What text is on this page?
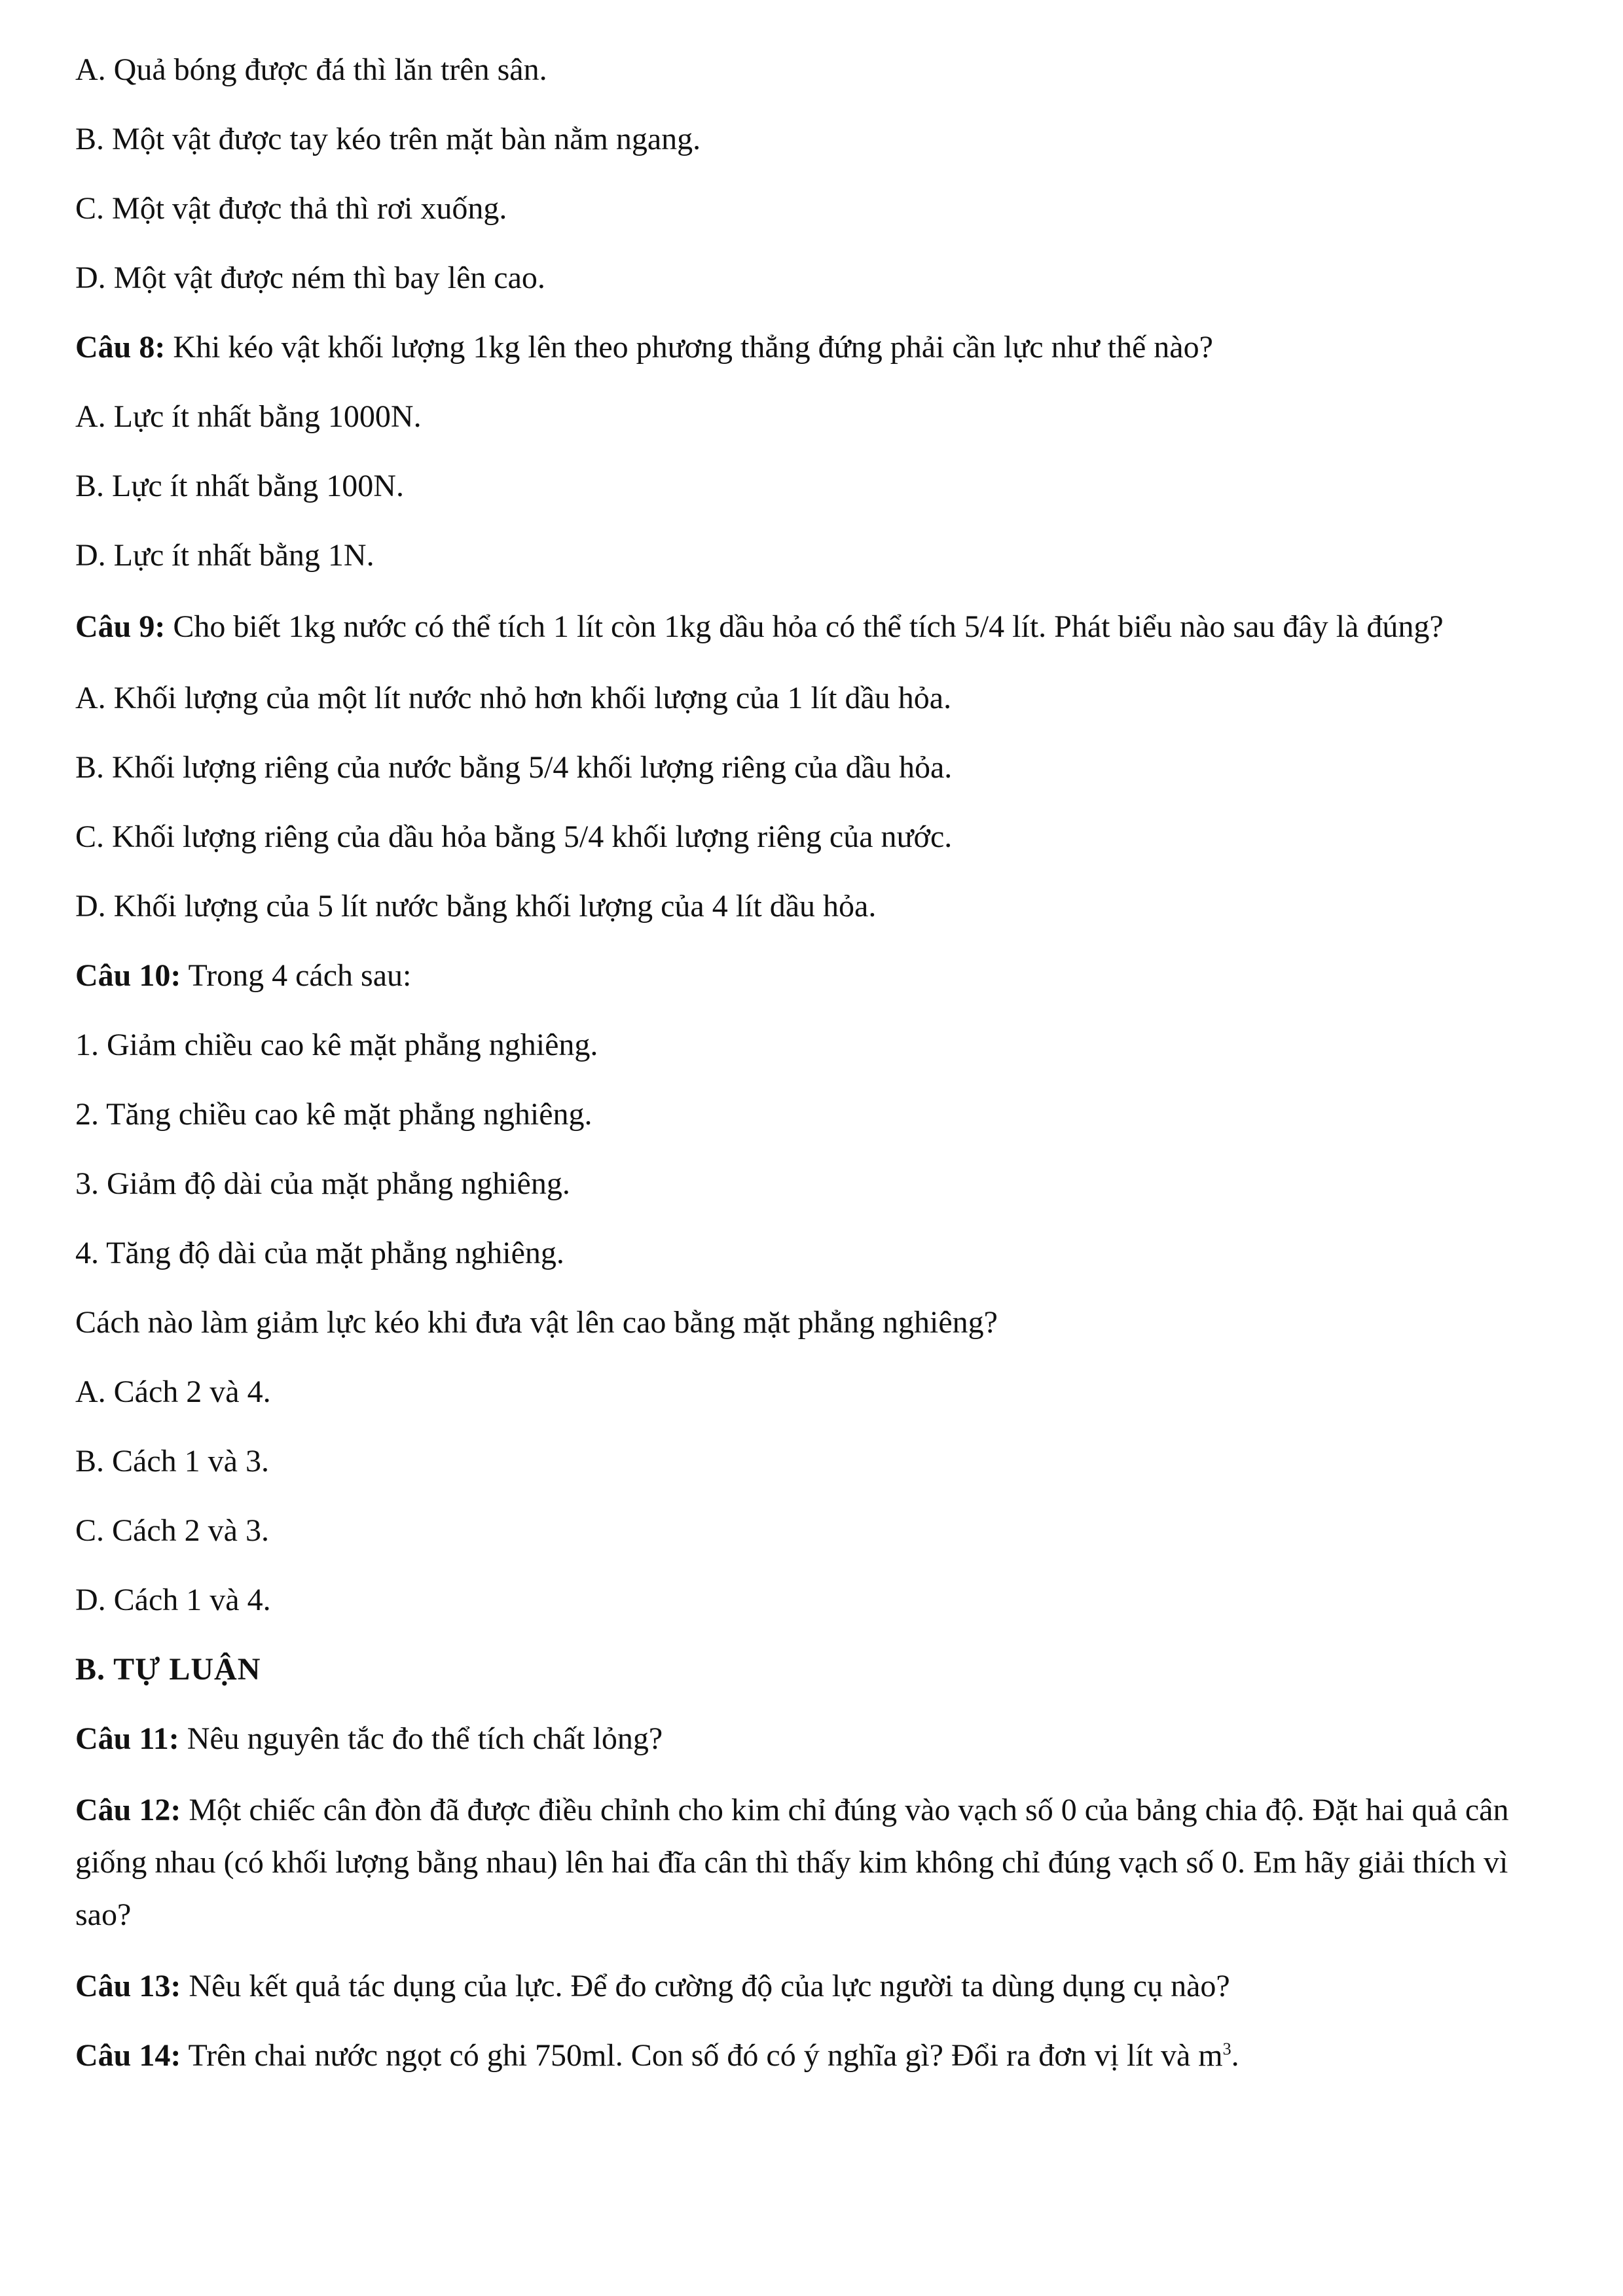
A. Quả bóng được đá thì lăn trên sân.

B. Một vật được tay kéo trên mặt bàn nằm ngang.

C. Một vật được thả thì rơi xuống.

D. Một vật được ném thì bay lên cao.

Câu 8: Khi kéo vật khối lượng 1kg lên theo phương thẳng đứng phải cần lực như thế nào?

A. Lực ít nhất bằng 1000N.

B. Lực ít nhất bằng 100N.

D. Lực ít nhất bằng 1N.

Câu 9: Cho biết 1kg nước có thể tích 1 lít còn 1kg dầu hỏa có thể tích 5/4 lít. Phát biểu nào sau đây là đúng?

A. Khối lượng của một lít nước nhỏ hơn khối lượng của 1 lít dầu hỏa.

B. Khối lượng riêng của nước bằng 5/4 khối lượng riêng của dầu hỏa.

C. Khối lượng riêng của dầu hỏa bằng 5/4 khối lượng riêng của nước.

D. Khối lượng của 5 lít nước bằng khối lượng của 4 lít dầu hỏa.

Câu 10: Trong 4 cách sau:

1. Giảm chiều cao kê mặt phẳng nghiêng.

2. Tăng chiều cao kê mặt phẳng nghiêng.

3. Giảm độ dài của mặt phẳng nghiêng.

4. Tăng độ dài của mặt phẳng nghiêng.

Cách nào làm giảm lực kéo khi đưa vật lên cao bằng mặt phẳng nghiêng?

A. Cách 2 và 4.

B. Cách 1 và 3.

C. Cách 2 và 3.

D. Cách 1 và 4.

B. TỰ LUẬN

Câu 11: Nêu nguyên tắc đo thể tích chất lỏng?

Câu 12: Một chiếc cân đòn đã được điều chỉnh cho kim chỉ đúng vào vạch số 0 của bảng chia độ. Đặt hai quả cân giống nhau (có khối lượng bằng nhau) lên hai đĩa cân thì thấy kim không chỉ đúng vạch số 0. Em hãy giải thích vì sao?

Câu 13: Nêu kết quả tác dụng của lực. Để đo cường độ của lực người ta dùng dụng cụ nào?

Câu 14: Trên chai nước ngọt có ghi 750ml. Con số đó có ý nghĩa gì? Đổi ra đơn vị lít và $m^3$.
